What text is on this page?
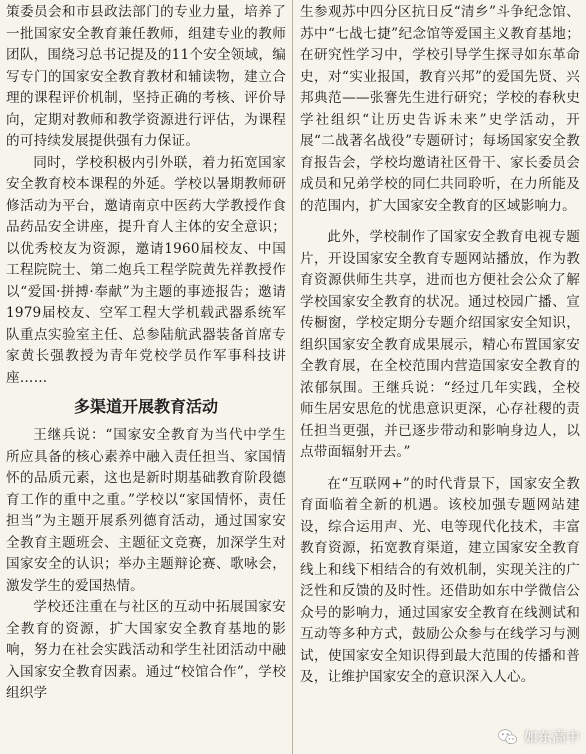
策委员会和市县政法部门的专业力量，培养了一批国家安全教育兼任教师，组建专业的教师团队，围绕习总书记提及的11个安全领域，编写专门的国家安全教育教材和辅读物，建立合理的课程评价机制，坚持正确的考核、评价导向，定期对教师和教学资源进行评估，为课程的可持续发展提供强有力保证。

同时，学校积极内引外联，着力拓宽国家安全教育校本课程的外延。学校以暑期教师研修活动为平台，邀请南京中医药大学教授作食品药品安全讲座，提升育人主体的安全意识；以优秀校友为资源，邀请1960届校友、中国工程院院士、第二炮兵工程学院黄先祥教授作以“爱国·拼搏·奉献”为主题的事迹报告；邀请1979届校友、空军工程大学机载武器系统军队重点实验室主任、总参陆航武器装备首席专家黄长强教授为青年党校学员作军事科技讲座……

多渠道开展教育活动

王继兵说：“国家安全教育为当代中学生所应具备的核心素养中融入责任担当、家国情怀的品质元素，这也是新时期基础教育阶段德育工作的重中之重。”学校以“家国情怀，责任担当”为主题开展系列德育活动，通过国家安全教育主题班会、主题征文竞赛，加深学生对国家安全的认识；举办主题辩论赛、歌咏会，激发学生的爱国热情。

学校还注重在与社区的互动中拓展国家安全教育的资源，扩大国家安全教育基地的影响，努力在社会实践活动和学生社团活动中融入国家安全教育因素。通过“校馆合作”，学校组织学

生参观苏中四分区抗日反“清乡”斗争纪念馆、苏中“七战七捷”纪念馆等爱国主义教育基地；在研究性学习中，学校引导学生探寻如东革命史，对“实业报国，教育兴邦”的爱国先贤、兴邦典范——张謇先生进行研究；学校的春秋史学社组织“让历史告诉未来”史学活动，开展“二战著名战役”专题研讨；每场国家安全教育报告会，学校均邀请社区骨干、家长委员会成员和兄弟学校的同仁共同聆听，在力所能及的范围内，扩大国家安全教育的区域影响力。

此外，学校制作了国家安全教育电视专题片，开设国家安全教育专题网站播放，作为教育资源供师生共享，进而也方便社会公众了解学校国家安全教育的状况。通过校园广播、宣传橱窗，学校定期分专题介绍国家安全知识，组织国家安全教育成果展示，精心布置国家安全教育展，在全校范围内营造国家安全教育的浓郁氛围。王继兵说：“经过几年实践，全校师生居安思危的忧患意识更深，心存社稷的责任担当更强，并已逐步带动和影响身边人，以点带面辐射开去。”

在“互联网+”的时代背景下，国家安全教育面临着全新的机遇。该校加强专题网站建设，综合运用声、光、电等现代化技术，丰富教育资源，拓宽教育渠道，建立国家安全教育线上和线下相结合的有效机制，实现关注的广泛性和反馈的及时性。还借助如东中学微信公众号的影响力，通过国家安全教育在线测试和互动等多种方式，鼓励公众参与在线学习与测试，使国家安全知识得到最大范围的传播和普及，让维护国家安全的意识深入人心。

如东高中
